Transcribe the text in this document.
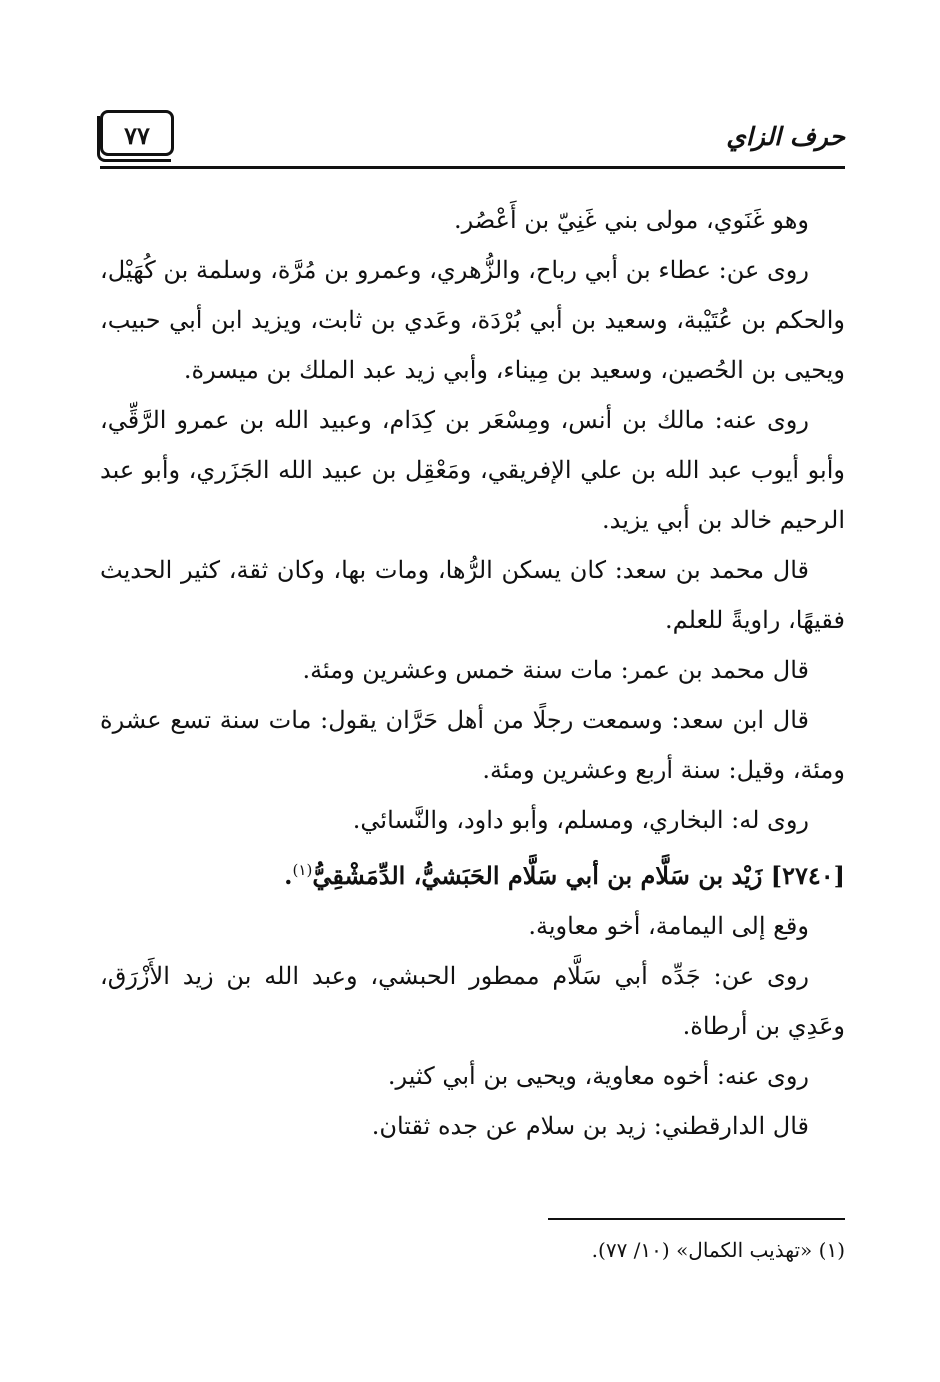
٧٧	حرف الزاي

وهو غَنَوي، مولى بني غَنِيّ بن أَعْصُر.

روى عن: عطاء بن أبي رباح، والزُّهري، وعمرو بن مُرَّة، وسلمة بن كُهَيْل، والحكم بن عُتَيْبة، وسعيد بن أبي بُرْدَة، وعَدي بن ثابت، ويزيد ابن أبي حبيب، ويحيى بن الحُصين، وسعيد بن مِيناء، وأبي زيد عبد الملك بن ميسرة.

روى عنه: مالك بن أنس، ومِسْعَر بن كِدَام، وعبيد الله بن عمرو الرَّقِّي، وأبو أيوب عبد الله بن علي الإفريقي، ومَعْقِل بن عبيد الله الجَزَري، وأبو عبد الرحيم خالد بن أبي يزيد.

قال محمد بن سعد: كان يسكن الرُّها، ومات بها، وكان ثقة، كثير الحديث فقيهًا، راويةً للعلم.

قال محمد بن عمر: مات سنة خمس وعشرين ومئة.

قال ابن سعد: وسمعت رجلًا من أهل حَرَّان يقول: مات سنة تسع عشرة ومئة، وقيل: سنة أربع وعشرين ومئة.

روى له: البخاري، ومسلم، وأبو داود، والنَّسائي.

[٢٧٤٠] زَيْد بن سَلَّام بن أبي سَلَّام الحَبَشيُّ، الدِّمَشْقِيُّ$^{(١)}$.

وقع إلى اليمامة، أخو معاوية.

روى عن: جَدِّه أبي سَلَّام ممطور الحبشي، وعبد الله بن زيد الأَزْرَق، وعَدِي بن أرطاة.

روى عنه: أخوه معاوية، ويحيى بن أبي كثير.

قال الدارقطني: زيد بن سلام عن جده ثقتان.

(١) «تهذيب الكمال» (١٠/ ٧٧).
